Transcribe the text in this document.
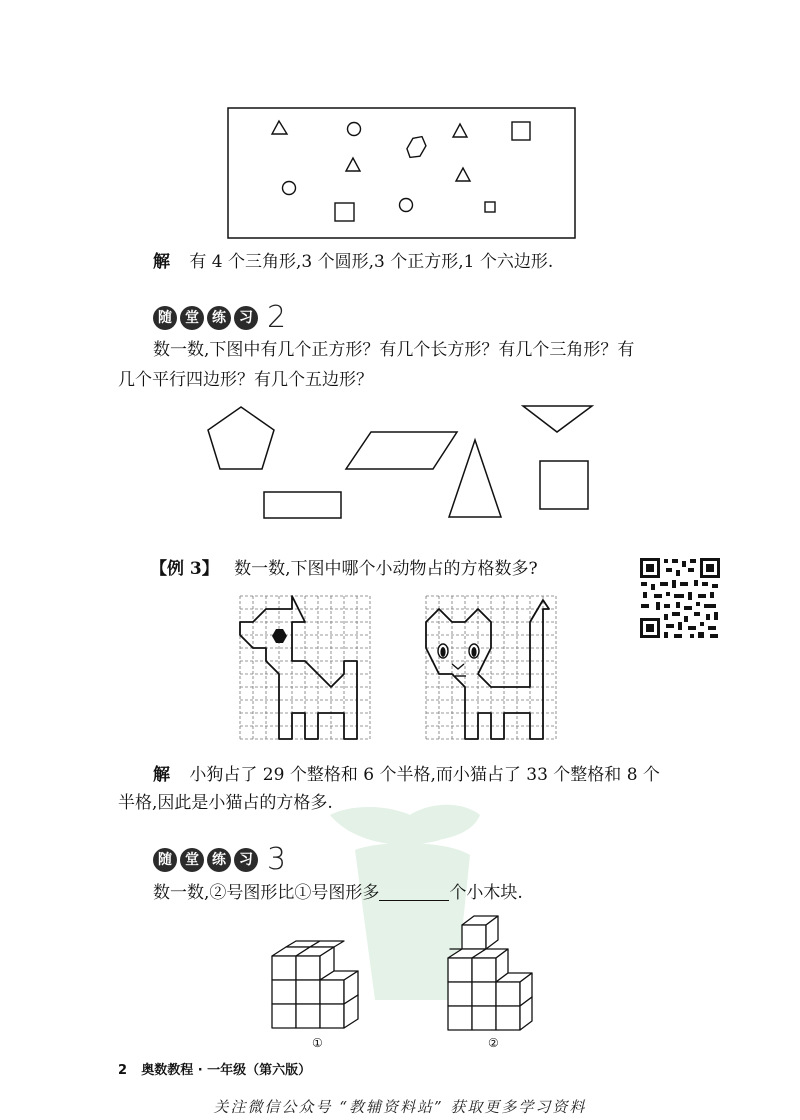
解 有 4 个三角形,3 个圆形,3 个正方形,1 个六边形.
随 堂 练 习 2
数一数,下图中有几个正方形？有几个长方形？有几个三角形？有
几个平行四边形？有几个五边形？
【例 3】 数一数,下图中哪个小动物占的方格数多?
解 小狗占了 29 个整格和 6 个半格,而小猫占了 33 个整格和 8 个
半格,因此是小猫占的方格多.
随 堂 练 习 3
数一数,②号图形比①号图形多	个小木块.
①	②
2 奥数教程 · 一年级（第六版）
关注微信公众号 “教辅资料站” 获取更多学习资料
